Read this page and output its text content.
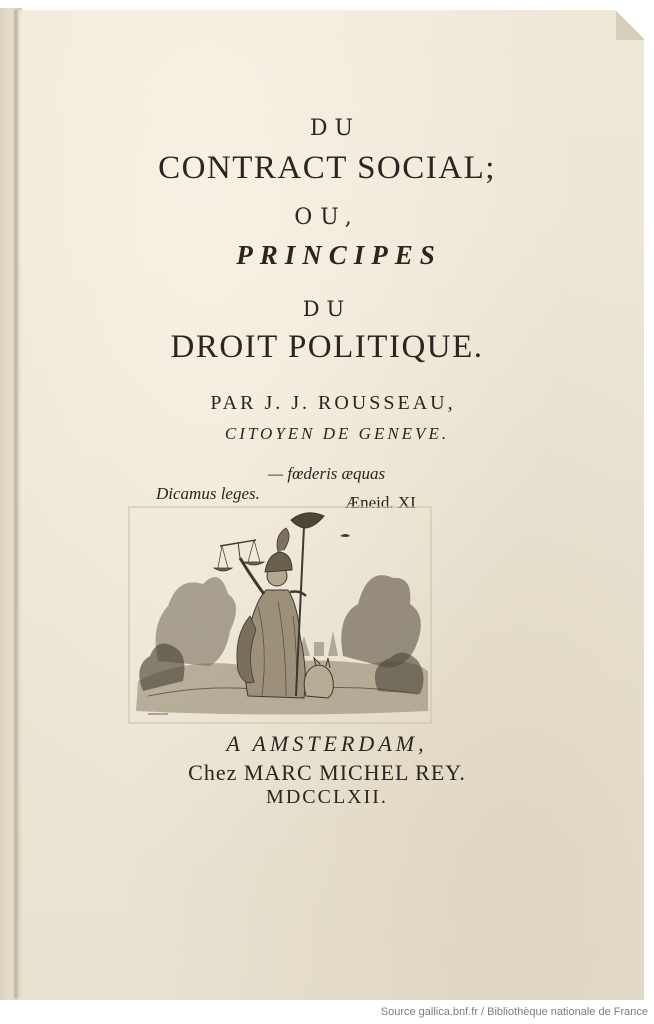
DU
CONTRACT SOCIAL;
OU,
PRINCIPES
DU
DROIT POLITIQUE.
PAR J. J. ROUSSEAU,
CITOYEN DE GENEVE.
— fœderis æquas
Dicamus leges.	Æneid. XI
A AMSTERDAM,
Chez MARC MICHEL REY.
MDCCLXII.
Source gallica.bnf.fr / Bibliothèque nationale de France
